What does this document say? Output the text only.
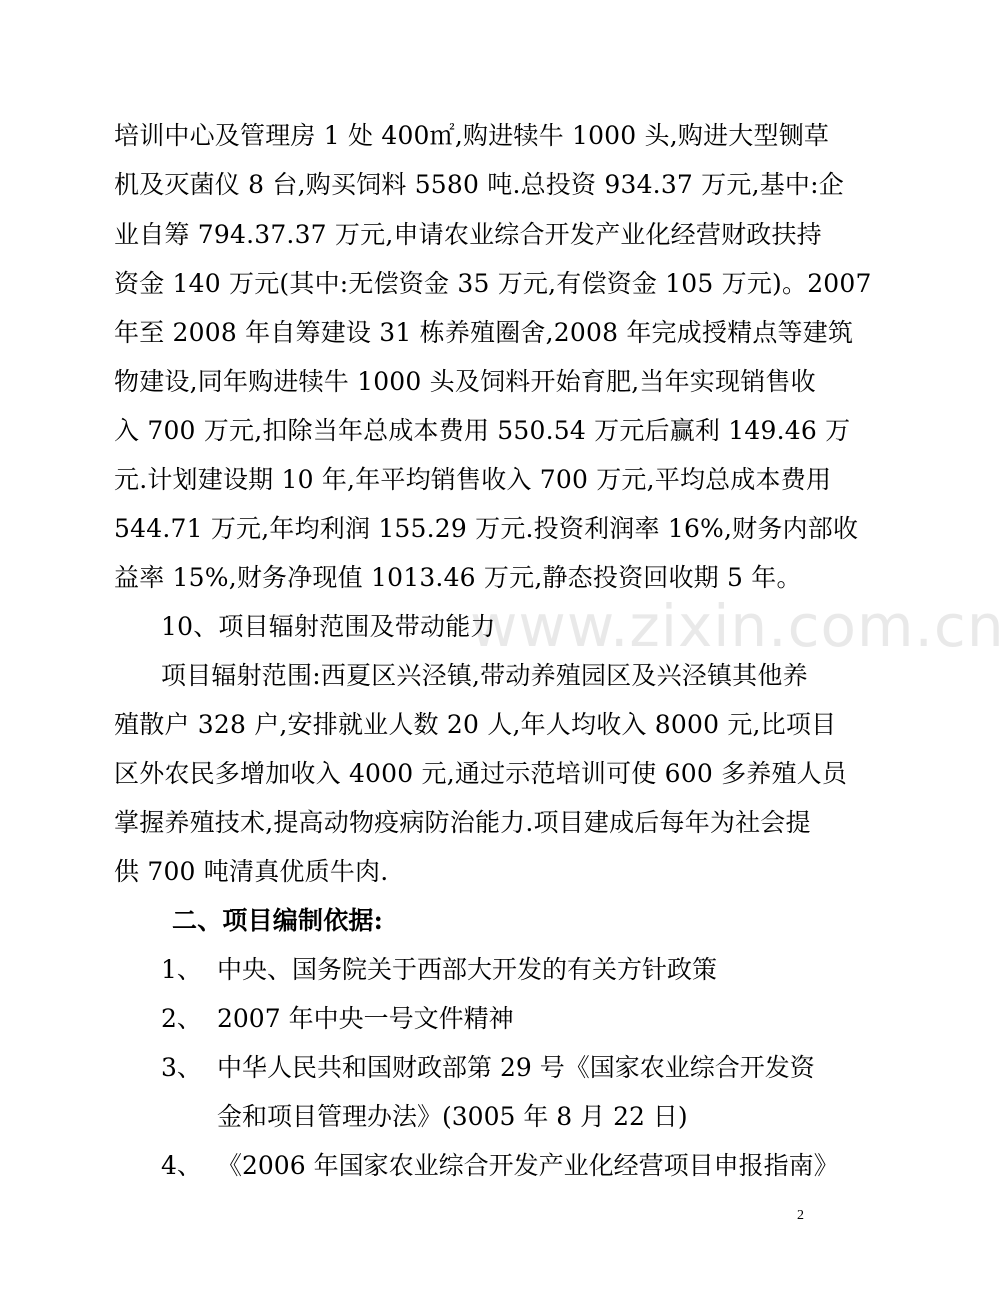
www.zixin.com.cn
培训中心及管理房 1 处 400㎡,购进犊牛 1000 头,购进大型铡草
机及灭菌仪 8 台,购买饲料 5580 吨.总投资 934.37 万元,基中:企
业自筹 794.37.37 万元,申请农业综合开发产业化经营财政扶持
资金 140 万元(其中:无偿资金 35 万元,有偿资金 105 万元)。2007
年至 2008 年自筹建设 31 栋养殖圈舍,2008 年完成授精点等建筑
物建设,同年购进犊牛 1000 头及饲料开始育肥,当年实现销售收
入 700 万元,扣除当年总成本费用 550.54 万元后赢利 149.46 万
元.计划建设期 10 年,年平均销售收入 700 万元,平均总成本费用
544.71 万元,年均利润 155.29 万元.投资利润率 16%,财务内部收
益率 15%,财务净现值 1013.46 万元,静态投资回收期 5 年。
10、项目辐射范围及带动能力
项目辐射范围:西夏区兴泾镇,带动养殖园区及兴泾镇其他养
殖散户 328 户,安排就业人数 20 人,年人均收入 8000 元,比项目
区外农民多增加收入 4000 元,通过示范培训可使 600 多养殖人员
掌握养殖技术,提高动物疫病防治能力.项目建成后每年为社会提
供 700 吨清真优质牛肉.
二、项目编制依据:
1、 中央、国务院关于西部大开发的有关方针政策
2、 2007 年中央一号文件精神
3、 中华人民共和国财政部第 29 号《国家农业综合开发资
金和项目管理办法》(3005 年 8 月 22 日)
4、 《2006 年国家农业综合开发产业化经营项目申报指南》
2
